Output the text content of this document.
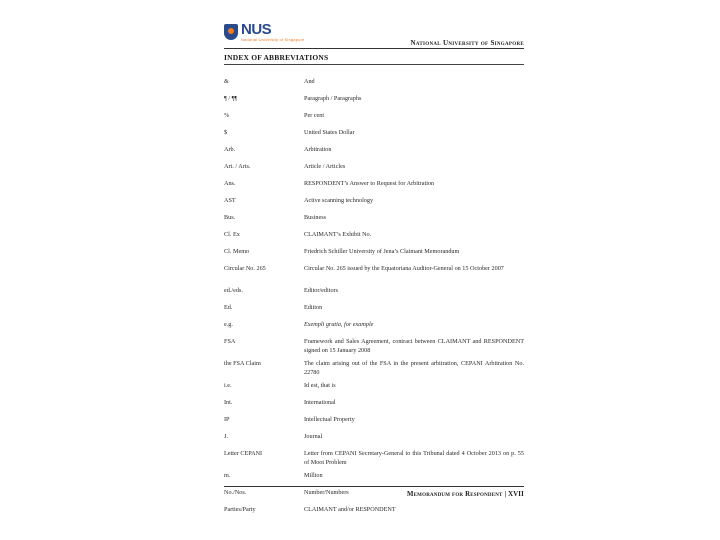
NUS
National University of Singapore	National University of Singapore
INDEX OF ABBREVIATIONS
&	And
¶ / ¶¶	Paragraph / Paragraphs
%	Per cent
$	United States Dollar
Arb.	Arbitration
Art. / Arts.	Article / Articles
Ans.	RESPONDENT’s Answer to Request for Arbitration
AST	Active scanning technology
Bus.	Business
Cl. Ex	CLAIMANT’s Exhibit No.
Cl. Memo	Friedrich Schiller University of Jena’s Claimant Memorandum
Circular No. 265	Circular No. 265 issued by the Equatoriana Auditor-General on 15 October 2007
ed./eds.	Editor/editors
Ed.	Edition
e.g.	Exempli gratia, for example
FSA	Framework and Sales Agreement, contract between CLAIMANT and RESPONDENT signed on 15 January 2008
the FSA Claim	The claim arising out of the FSA in the present arbitration, CEPANI Arbitration No. 22780
i.e.	Id est, that is
Int.	International
IP	Intellectual Property
J.	Journal
Letter CEPANI	Letter from CEPANI Secretary-General to this Tribunal dated 4 October 2013 on p. 55 of Moot Problem
m.	Million
No./Nos.	Number/Numbers
Parties/Party	CLAIMANT and/or RESPONDENT
Memorandum for Respondent | XVII
